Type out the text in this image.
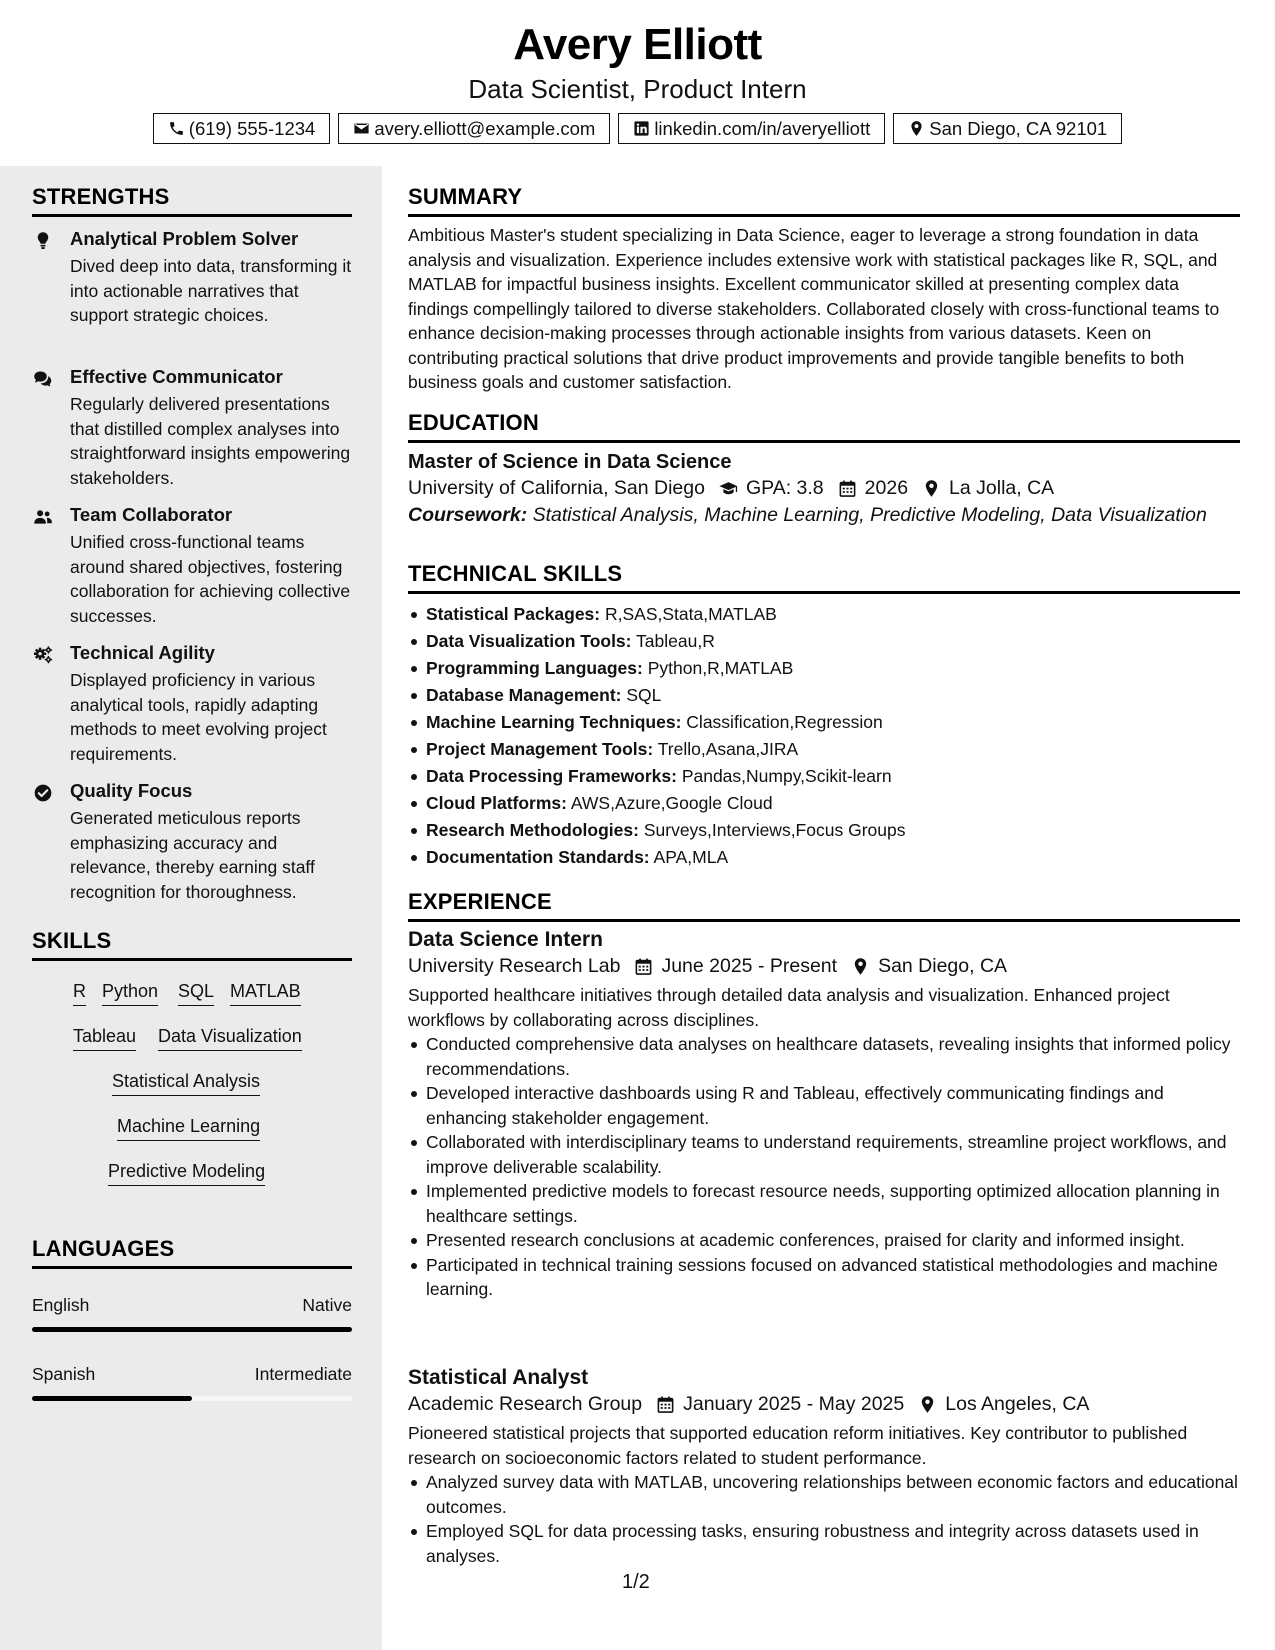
Avery Elliott
Data Scientist, Product Intern
(619) 555-1234	avery.elliott@example.com	linkedin.com/in/averyelliott	San Diego, CA 92101
STRENGTHS
Analytical Problem Solver
Dived deep into data, transforming it into actionable narratives that support strategic choices.
Effective Communicator
Regularly delivered presentations that distilled complex analyses into straightforward insights empowering stakeholders.
Team Collaborator
Unified cross-functional teams around shared objectives, fostering collaboration for achieving collective successes.
Technical Agility
Displayed proficiency in various analytical tools, rapidly adapting methods to meet evolving project requirements.
Quality Focus
Generated meticulous reports emphasizing accuracy and relevance, thereby earning staff recognition for thoroughness.
SKILLS
R Python SQL MATLAB
Tableau Data Visualization
Statistical Analysis
Machine Learning
Predictive Modeling
LANGUAGES
English	Native
Spanish	Intermediate
SUMMARY
Ambitious Master's student specializing in Data Science, eager to leverage a strong foundation in data analysis and visualization. Experience includes extensive work with statistical packages like R, SQL, and MATLAB for impactful business insights. Excellent communicator skilled at presenting complex data findings compellingly tailored to diverse stakeholders. Collaborated closely with cross-functional teams to enhance decision-making processes through actionable insights from various datasets. Keen on contributing practical solutions that drive product improvements and provide tangible benefits to both business goals and customer satisfaction.
EDUCATION
Master of Science in Data Science
University of California, San Diego GPA: 3.8 2026 La Jolla, CA
Coursework: Statistical Analysis, Machine Learning, Predictive Modeling, Data Visualization
TECHNICAL SKILLS
Statistical Packages: R,SAS,Stata,MATLAB
Data Visualization Tools: Tableau,R
Programming Languages: Python,R,MATLAB
Database Management: SQL
Machine Learning Techniques: Classification,Regression
Project Management Tools: Trello,Asana,JIRA
Data Processing Frameworks: Pandas,Numpy,Scikit-learn
Cloud Platforms: AWS,Azure,Google Cloud
Research Methodologies: Surveys,Interviews,Focus Groups
Documentation Standards: APA,MLA
EXPERIENCE
Data Science Intern
University Research Lab June 2025 - Present San Diego, CA
Supported healthcare initiatives through detailed data analysis and visualization. Enhanced project workflows by collaborating across disciplines.
Conducted comprehensive data analyses on healthcare datasets, revealing insights that informed policy recommendations.
Developed interactive dashboards using R and Tableau, effectively communicating findings and enhancing stakeholder engagement.
Collaborated with interdisciplinary teams to understand requirements, streamline project workflows, and improve deliverable scalability.
Implemented predictive models to forecast resource needs, supporting optimized allocation planning in healthcare settings.
Presented research conclusions at academic conferences, praised for clarity and informed insight.
Participated in technical training sessions focused on advanced statistical methodologies and machine learning.
Statistical Analyst
Academic Research Group January 2025 - May 2025 Los Angeles, CA
Pioneered statistical projects that supported education reform initiatives. Key contributor to published research on socioeconomic factors related to student performance.
Analyzed survey data with MATLAB, uncovering relationships between economic factors and educational outcomes.
Employed SQL for data processing tasks, ensuring robustness and integrity across datasets used in analyses.
1/2
